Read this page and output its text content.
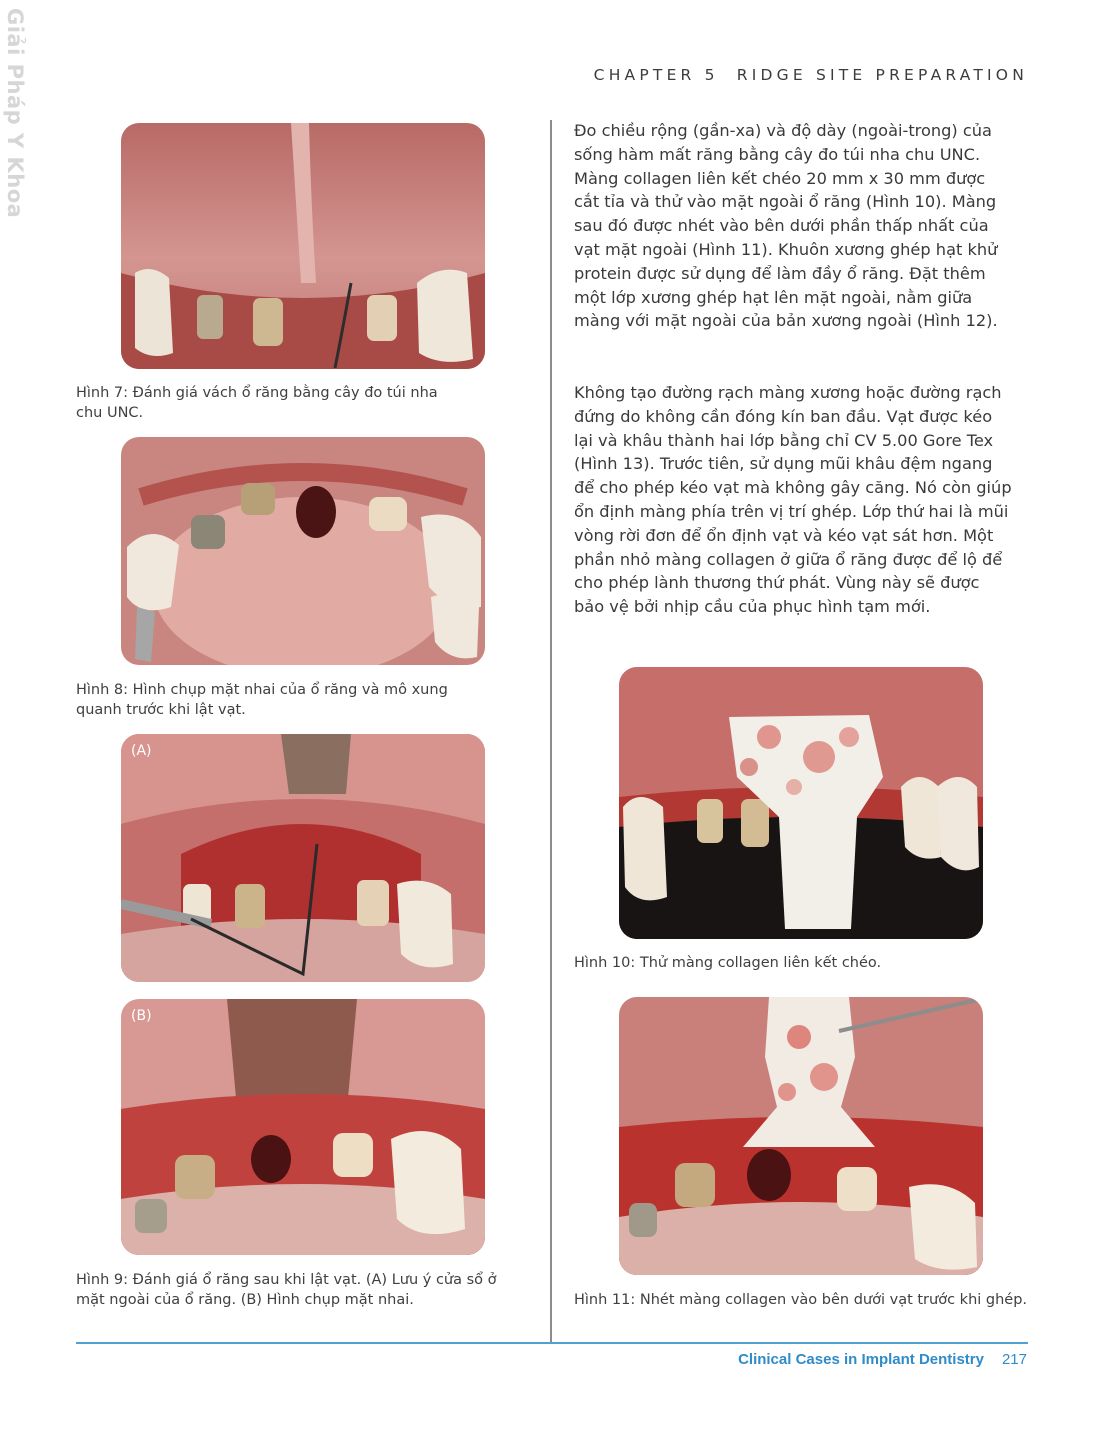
Giải Pháp Y Khoa	CHAPTER 5 RIDGE SITE PREPARATION

Hình 7: Đánh giá vách ổ răng bằng cây đo túi nha chu UNC.

Hình 8: Hình chụp mặt nhai của ổ răng và mô xung quanh trước khi lật vạt.

(A)
(B)

Hình 9: Đánh giá ổ răng sau khi lật vạt. (A) Lưu ý cửa sổ ở mặt ngoài của ổ răng. (B) Hình chụp mặt nhai.

Đo chiều rộng (gần-xa) và độ dày (ngoài-trong) của sống hàm mất răng bằng cây đo túi nha chu UNC. Màng collagen liên kết chéo 20 mm x 30 mm được cắt tỉa và thử vào mặt ngoài ổ răng (Hình 10). Màng sau đó được nhét vào bên dưới phần thấp nhất của vạt mặt ngoài (Hình 11). Khuôn xương ghép hạt khử protein được sử dụng để làm đầy ổ răng. Đặt thêm một lớp xương ghép hạt lên mặt ngoài, nằm giữa màng với mặt ngoài của bản xương ngoài (Hình 12).

Không tạo đường rạch màng xương hoặc đường rạch đứng do không cần đóng kín ban đầu. Vạt được kéo lại và khâu thành hai lớp bằng chỉ CV 5.00 Gore Tex (Hình 13). Trước tiên, sử dụng mũi khâu đệm ngang để cho phép kéo vạt mà không gây căng. Nó còn giúp ổn định màng phía trên vị trí ghép. Lớp thứ hai là mũi vòng rời đơn để ổn định vạt và kéo vạt sát hơn. Một phần nhỏ màng collagen ở giữa ổ răng được để lộ để cho phép lành thương thứ phát. Vùng này sẽ được bảo vệ bởi nhịp cầu của phục hình tạm mới.

Hình 10: Thử màng collagen liên kết chéo.

Hình 11: Nhét màng collagen vào bên dưới vạt trước khi ghép.

Clinical Cases in Implant Dentistry 217
